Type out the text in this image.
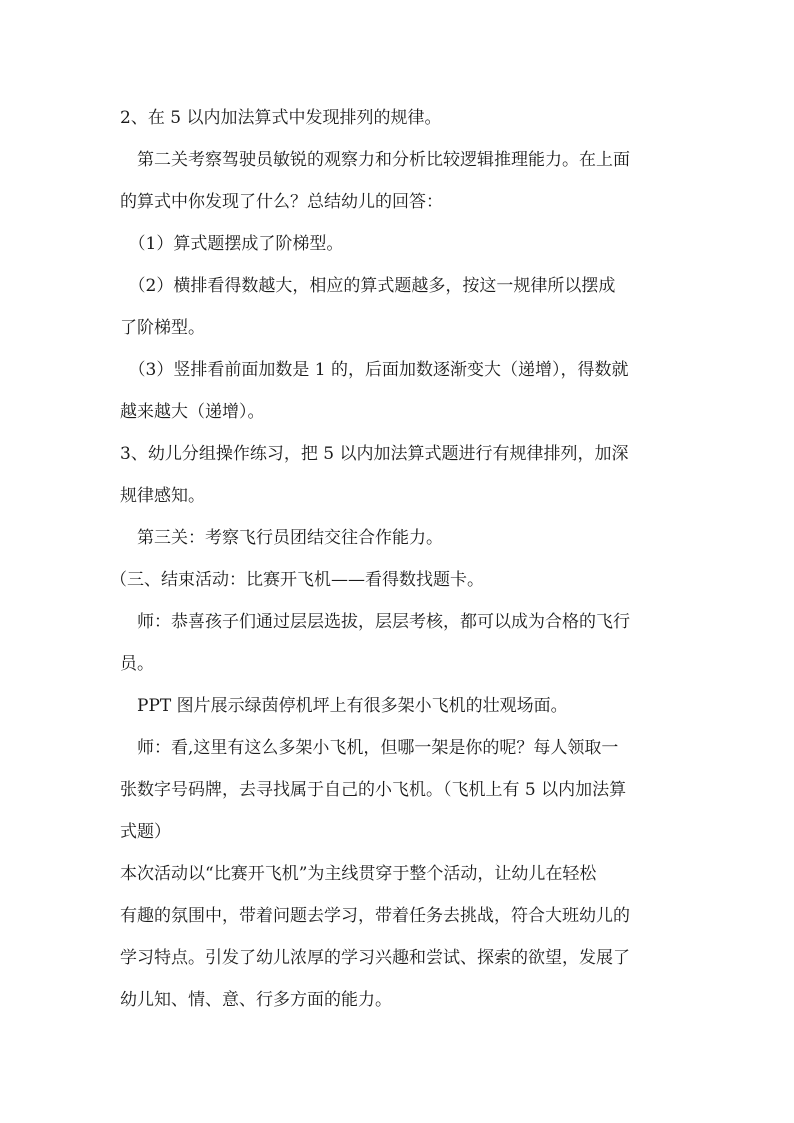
2、在 5 以内加法算式中发现排列的规律。
　第二关考察驾驶员敏锐的观察力和分析比较逻辑推理能力。在上面
的算式中你发现了什么？总结幼儿的回答：
　（1）算式题摆成了阶梯型。
　（2）横排看得数越大，相应的算式题越多，按这一规律所以摆成
了阶梯型。
　（3）竖排看前面加数是 1 的，后面加数逐渐变大（递增），得数就
越来越大（递增）。
3、幼儿分组操作练习，把 5 以内加法算式题进行有规律排列，加深
规律感知。
　第三关：考察飞行员团结交往合作能力。
（三、结束活动：比赛开飞机——看得数找题卡。
　师：恭喜孩子们通过层层选拔，层层考核，都可以成为合格的飞行
员。
　PPT 图片展示绿茵停机坪上有很多架小飞机的壮观场面。
　师：看,这里有这么多架小飞机，但哪一架是你的呢？每人领取一
张数字号码牌，去寻找属于自己的小飞机。（飞机上有 5 以内加法算
式题）
本次活动以“比赛开飞机”为主线贯穿于整个活动，让幼儿在轻松
有趣的氛围中，带着问题去学习，带着任务去挑战，符合大班幼儿的
学习特点。引发了幼儿浓厚的学习兴趣和尝试、探索的欲望，发展了
幼儿知、情、意、行多方面的能力。
